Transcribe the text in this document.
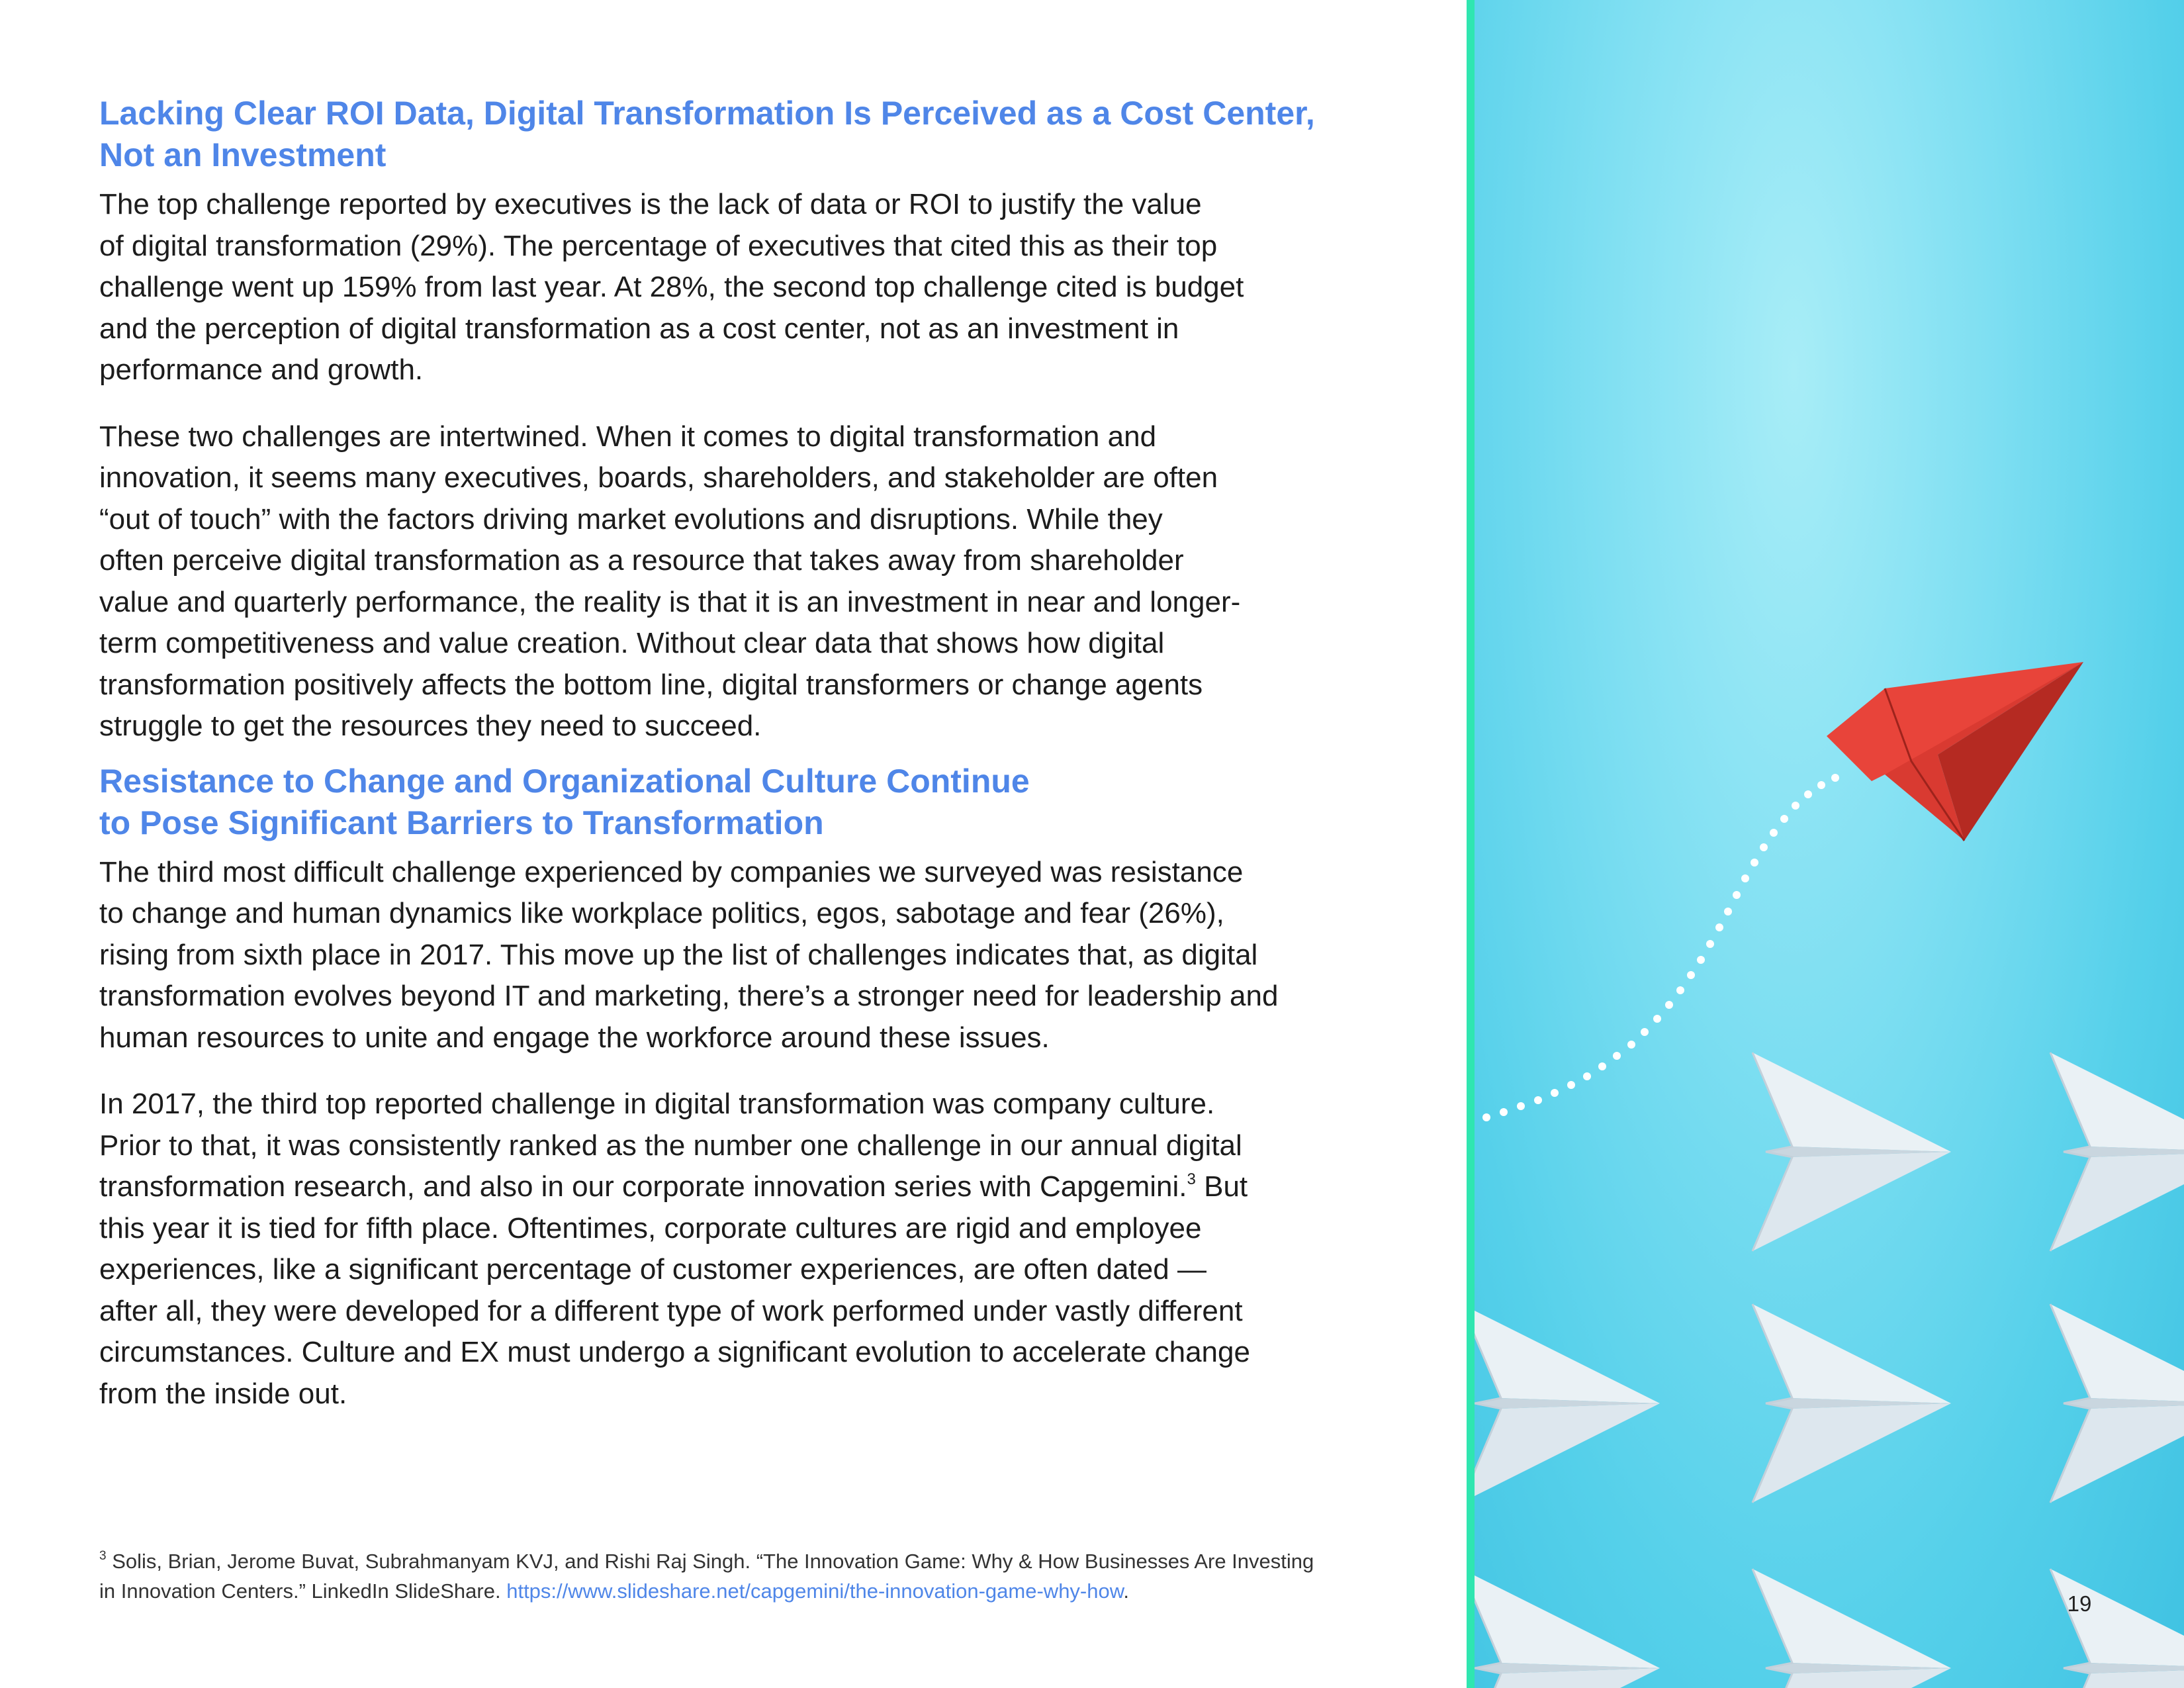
Lacking Clear ROI Data, Digital Transformation Is Perceived as a Cost Center,
Not an Investment

The top challenge reported by executives is the lack of data or ROI to justify the value
of digital transformation (29%). The percentage of executives that cited this as their top
challenge went up 159% from last year. At 28%, the second top challenge cited is budget
and the perception of digital transformation as a cost center, not as an investment in
performance and growth.

These two challenges are intertwined. When it comes to digital transformation and
innovation, it seems many executives, boards, shareholders, and stakeholder are often
“out of touch” with the factors driving market evolutions and disruptions. While they
often perceive digital transformation as a resource that takes away from shareholder
value and quarterly performance, the reality is that it is an investment in near and longer-
term competitiveness and value creation. Without clear data that shows how digital
transformation positively affects the bottom line, digital transformers or change agents
struggle to get the resources they need to succeed.

Resistance to Change and Organizational Culture Continue
to Pose Significant Barriers to Transformation

The third most difficult challenge experienced by companies we surveyed was resistance
to change and human dynamics like workplace politics, egos, sabotage and fear (26%),
rising from sixth place in 2017. This move up the list of challenges indicates that, as digital
transformation evolves beyond IT and marketing, there’s a stronger need for leadership and
human resources to unite and engage the workforce around these issues.

In 2017, the third top reported challenge in digital transformation was company culture.
Prior to that, it was consistently ranked as the number one challenge in our annual digital
transformation research, and also in our corporate innovation series with Capgemini.$^3$ But
this year it is tied for fifth place. Oftentimes, corporate cultures are rigid and employee
experiences, like a significant percentage of customer experiences, are often dated —
after all, they were developed for a different type of work performed under vastly different
circumstances. Culture and EX must undergo a significant evolution to accelerate change
from the inside out.

$^3$ Solis, Brian, Jerome Buvat, Subrahmanyam KVJ, and Rishi Raj Singh. “The Innovation Game: Why & How Businesses Are Investing
in Innovation Centers.” LinkedIn SlideShare. https://www.slideshare.net/capgemini/the-innovation-game-why-how.
19
